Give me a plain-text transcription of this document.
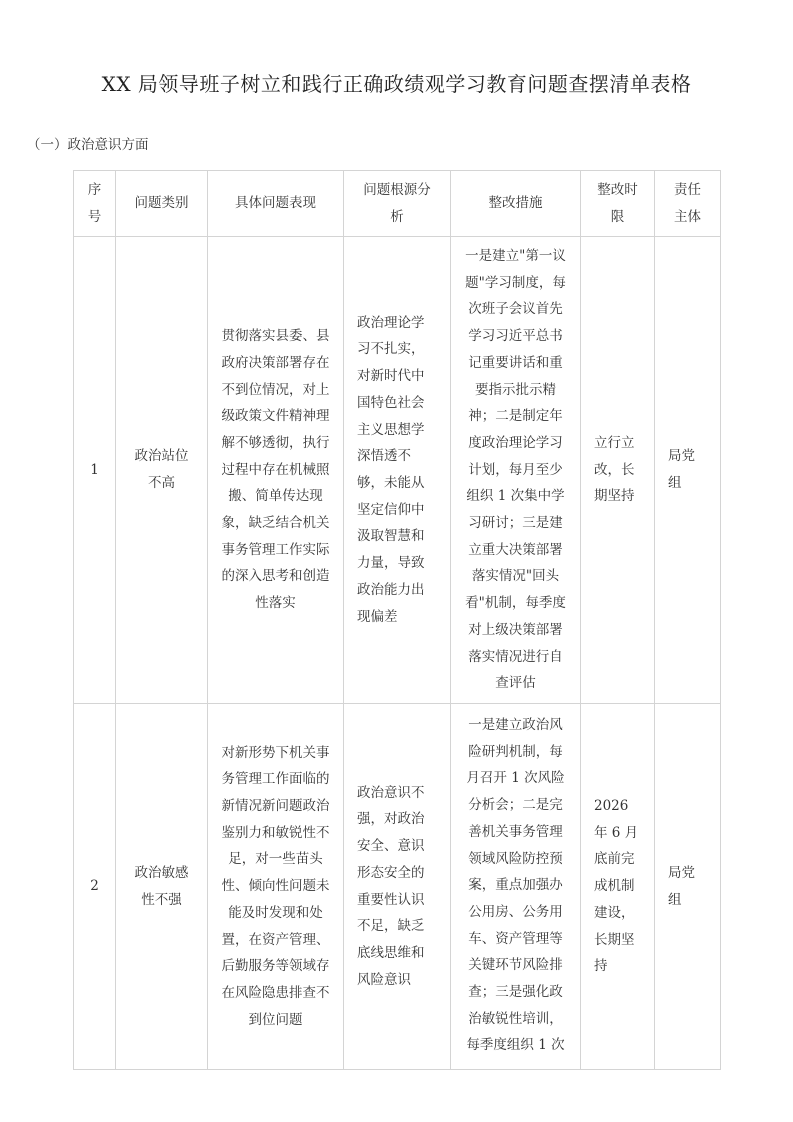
XX 局领导班子树立和践行正确政绩观学习教育问题查摆清单表格
（一）政治意识方面
序号	问题类别	具体问题表现	问题根源分析	整改措施	整改时限	责任主体
1	政治站位不高	贯彻落实县委、县政府决策部署存在不到位情况，对上级政策文件精神理解不够透彻，执行过程中存在机械照搬、简单传达现象，缺乏结合机关事务管理工作实际的深入思考和创造性落实	政治理论学习不扎实，对新时代中国特色社会主义思想学深悟透不够，未能从坚定信仰中汲取智慧和力量，导致政治能力出现偏差	一是建立"第一议题"学习制度，每次班子会议首先学习习近平总书记重要讲话和重要指示批示精神；二是制定年度政治理论学习计划，每月至少组织 1 次集中学习研讨；三是建立重大决策部署落实情况"回头看"机制，每季度对上级决策部署落实情况进行自查评估	立行立改，长期坚持	局党组
2	政治敏感性不强	对新形势下机关事务管理工作面临的新情况新问题政治鉴别力和敏锐性不足，对一些苗头性、倾向性问题未能及时发现和处置，在资产管理、后勤服务等领域存在风险隐患排查不到位问题	政治意识不强，对政治安全、意识形态安全的重要性认识不足，缺乏底线思维和风险意识	一是建立政治风险研判机制，每月召开 1 次风险分析会；二是完善机关事务管理领域风险防控预案，重点加强办公用房、公务用车、资产管理等关键环节风险排查；三是强化政治敏锐性培训，每季度组织 1 次	2026 年 6 月底前完成机制建设，长期坚持	局党组
